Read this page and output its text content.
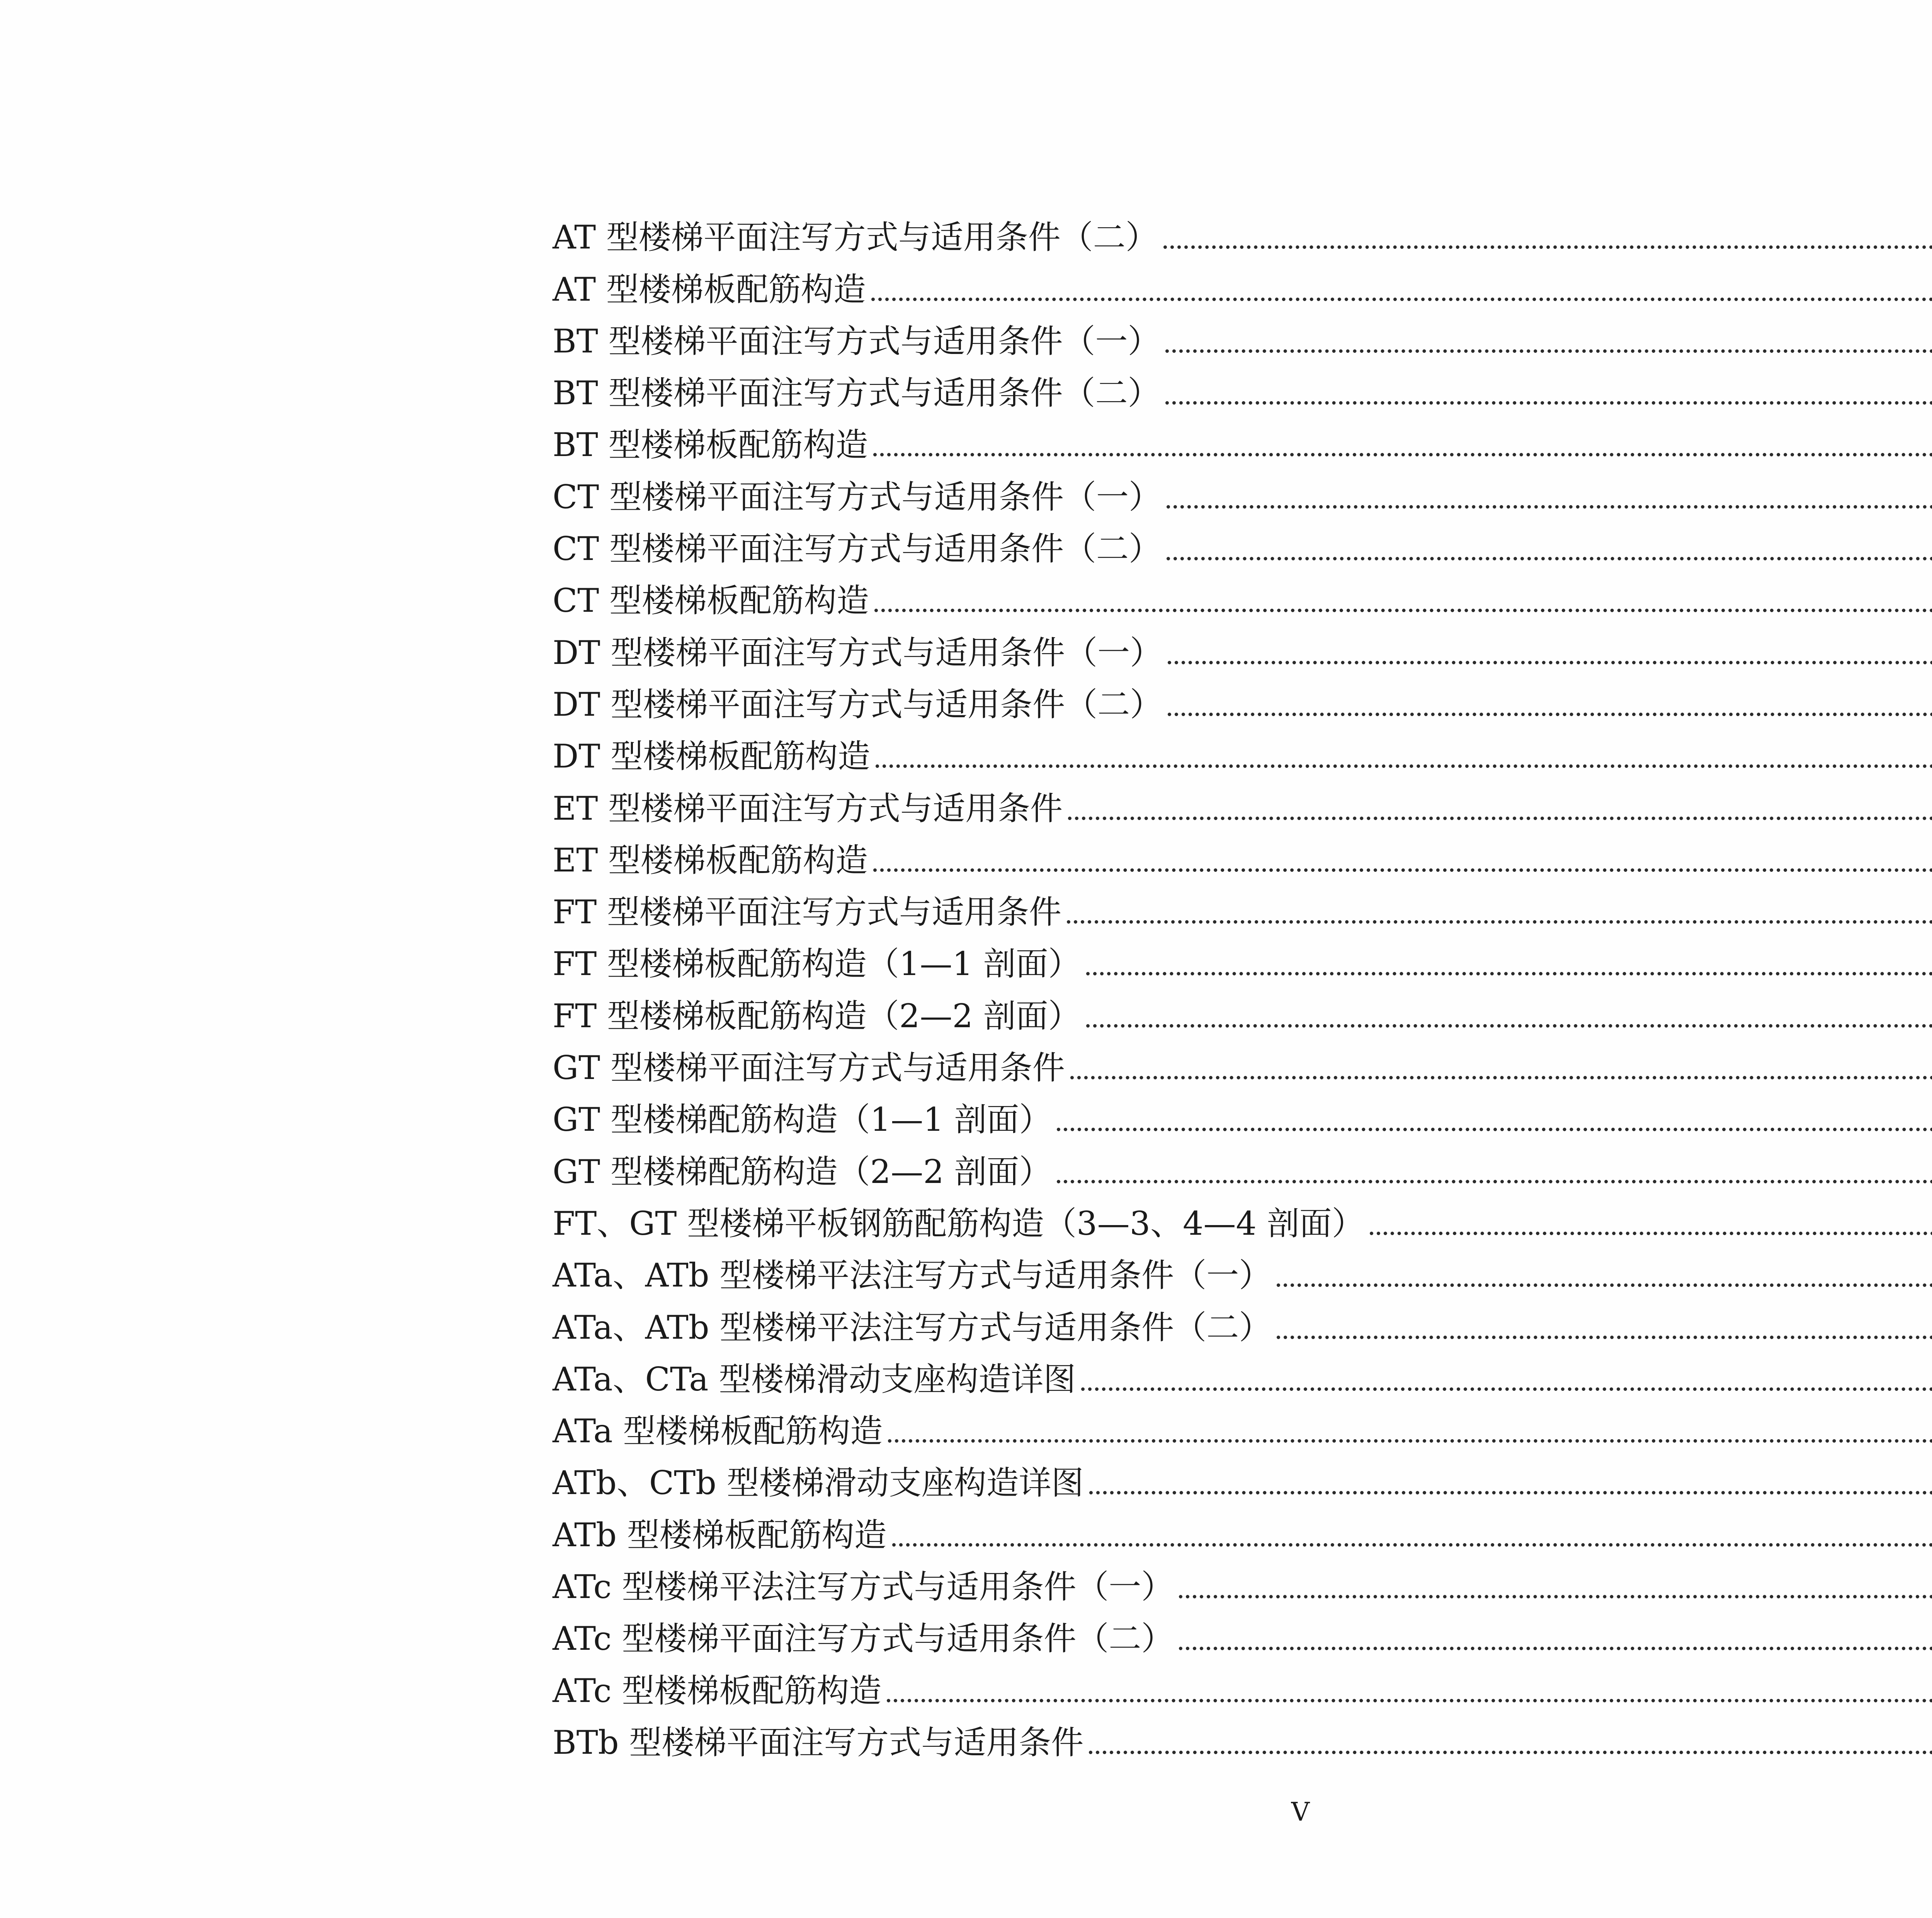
AT 型楼梯平面注写方式与适用条件（二）
AT 型楼梯板配筋构造
BT 型楼梯平面注写方式与适用条件（一）
BT 型楼梯平面注写方式与适用条件（二）
BT 型楼梯板配筋构造
CT 型楼梯平面注写方式与适用条件（一）
CT 型楼梯平面注写方式与适用条件（二）
CT 型楼梯板配筋构造
DT 型楼梯平面注写方式与适用条件（一）
DT 型楼梯平面注写方式与适用条件（二）
DT 型楼梯板配筋构造
ET 型楼梯平面注写方式与适用条件
ET 型楼梯板配筋构造
FT 型楼梯平面注写方式与适用条件
FT 型楼梯板配筋构造（1—1 剖面）
FT 型楼梯板配筋构造（2—2 剖面）
GT 型楼梯平面注写方式与适用条件
GT 型楼梯配筋构造（1—1 剖面）
GT 型楼梯配筋构造（2—2 剖面）
FT、GT 型楼梯平板钢筋配筋构造（3—3、4—4 剖面）
ATa、ATb 型楼梯平法注写方式与适用条件（一）
ATa、ATb 型楼梯平法注写方式与适用条件（二）
ATa、CTa 型楼梯滑动支座构造详图
ATa 型楼梯板配筋构造
ATb、CTb 型楼梯滑动支座构造详图
ATb 型楼梯板配筋构造
ATc 型楼梯平法注写方式与适用条件（一）
ATc 型楼梯平面注写方式与适用条件（二）
ATc 型楼梯板配筋构造
BTb 型楼梯平面注写方式与适用条件
V
